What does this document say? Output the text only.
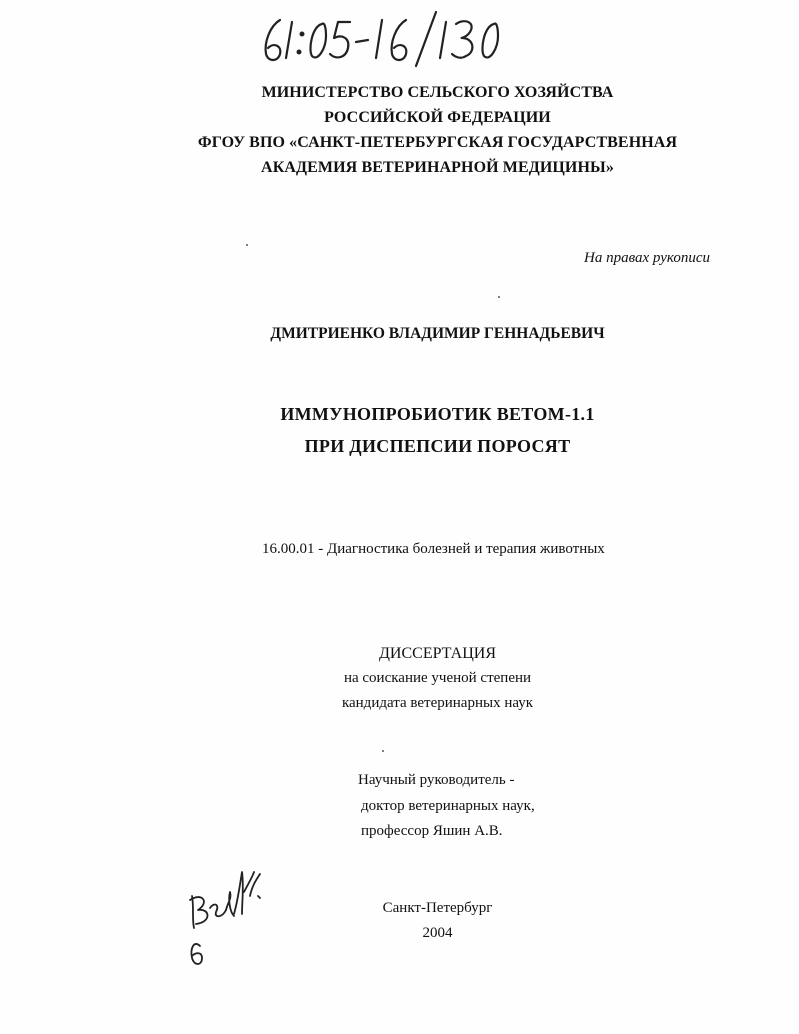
МИНИСТЕРСТВО СЕЛЬСКОГО ХОЗЯЙСТВА
РОССИЙСКОЙ ФЕДЕРАЦИИ
ФГОУ ВПО «САНКТ-ПЕТЕРБУРГСКАЯ ГОСУДАРСТВЕННАЯ
АКАДЕМИЯ ВЕТЕРИНАРНОЙ МЕДИЦИНЫ»
На правах рукописи
ДМИТРИЕНКО ВЛАДИМИР ГЕННАДЬЕВИЧ
ИММУНОПРОБИОТИК ВЕТОМ-1.1
ПРИ ДИСПЕПСИИ ПОРОСЯТ
16.00.01 - Диагностика болезней и терапия животных
ДИССЕРТАЦИЯ
на соискание ученой степени
кандидата ветеринарных наук
Научный руководитель -
доктор ветеринарных наук,
профессор Яшин А.В.
Санкт-Петербург
2004
